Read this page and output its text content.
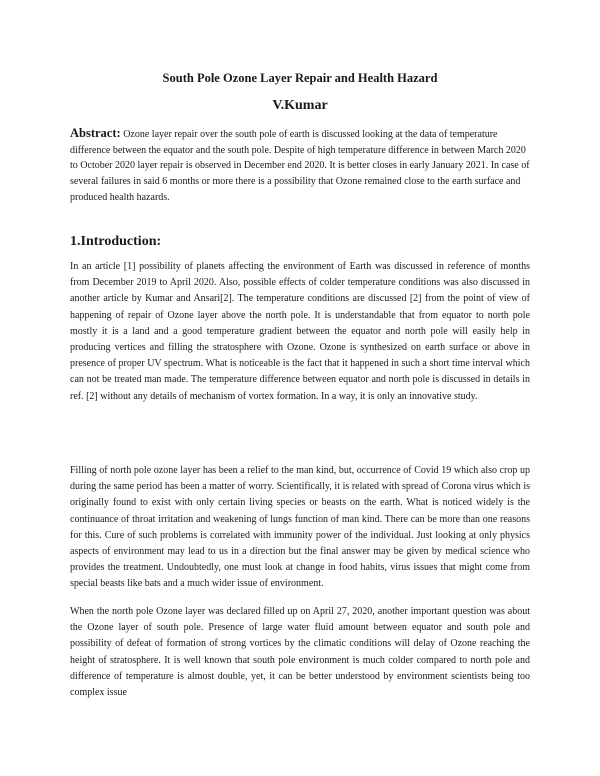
South Pole Ozone Layer Repair and Health Hazard
V.Kumar

Abstract: Ozone layer repair over the south pole of earth is discussed looking at the data of temperature difference between the equator and the south pole. Despite of high temperature difference in between March 2020 to October 2020 layer repair is observed in December end 2020. It is better closes in early January 2021. In case of several failures in said 6 months or more there is a possibility that Ozone remained close to the earth surface and produced health hazards.

1.Introduction:

In an article [1] possibility of planets affecting the environment of Earth was discussed in reference of months from December 2019 to April 2020. Also, possible effects of colder temperature conditions was also discussed in another article by Kumar and Ansari[2]. The temperature conditions are discussed [2] from the point of view of happening of repair of Ozone layer above the north pole. It is understandable that from equator to north pole mostly it is a land and a good temperature gradient between the equator and north pole will easily help in producing vertices and filling the stratosphere with Ozone. Ozone is synthesized on earth surface or above in presence of proper UV spectrum. What is noticeable is the fact that it happened in such a short time interval which can not be treated man made. The temperature difference between equator and north pole is discussed in details in ref. [2] without any details of mechanism of vortex formation. In a way, it is only an innovative study.

Filling of north pole ozone layer has been a relief to the man kind, but, occurrence of Covid 19 which also crop up during the same period has been a matter of worry. Scientifically, it is related with spread of Corona virus which is originally found to exist with only certain living species or beasts on the earth. What is noticed widely is the continuance of throat irritation and weakening of lungs function of man kind. There can be more than one reasons for this. Cure of such problems is correlated with immunity power of the individual. Just looking at only physics aspects of environment may lead to us in a direction but the final answer may be given by medical science who provides the treatment. Undoubtedly, one must look at change in food habits, virus issues that might come from special beasts like bats and a much wider issue of environment.

When the north pole Ozone layer was declared filled up on April 27, 2020, another important question was about the Ozone layer of south pole. Presence of large water fluid amount between equator and south pole and possibility of defeat of formation of strong vortices by the climatic conditions will delay of Ozone reaching the height of stratosphere. It is well known that south pole environment is much colder compared to north pole and difference of temperature is almost double, yet, it can be better understood by environment scientists being too complex issue
